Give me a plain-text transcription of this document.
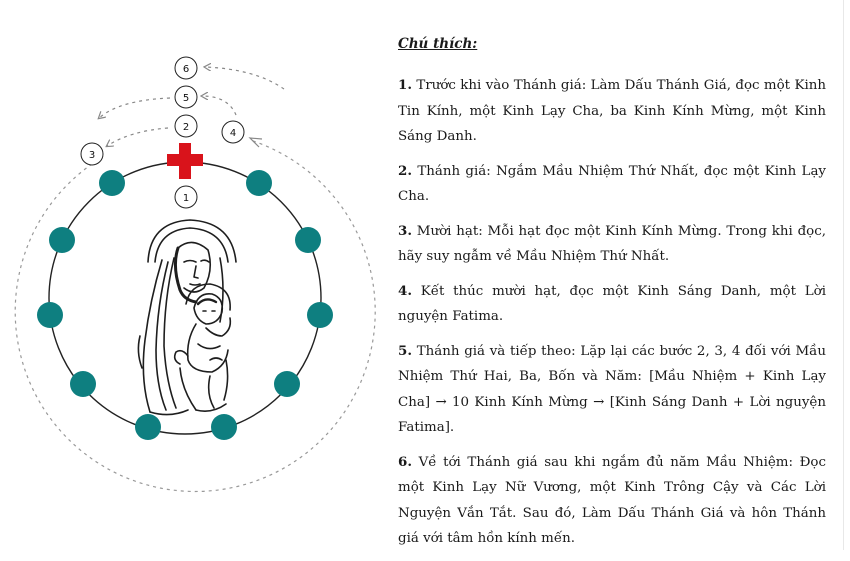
6
5
2
4
3
1

Chú thích:

1. Trước khi vào Thánh giá: Làm Dấu Thánh Giá, đọc một Kinh Tin Kính, một Kinh Lạy Cha, ba Kinh Kính Mừng, một Kinh Sáng Danh.

2. Thánh giá: Ngắm Mầu Nhiệm Thứ Nhất, đọc một Kinh Lạy Cha.

3. Mười hạt: Mỗi hạt đọc một Kinh Kính Mừng. Trong khi đọc, hãy suy ngẫm về Mầu Nhiệm Thứ Nhất.

4. Kết thúc mười hạt, đọc một Kinh Sáng Danh, một Lời nguyện Fatima.

5. Thánh giá và tiếp theo: Lặp lại các bước 2, 3, 4 đối với Mầu Nhiệm Thứ Hai, Ba, Bốn và Năm: [Mầu Nhiệm + Kinh Lạy Cha] → 10 Kinh Kính Mừng → [Kinh Sáng Danh + Lời nguyện Fatima].

6. Về tới Thánh giá sau khi ngắm đủ năm Mầu Nhiệm: Đọc một Kinh Lạy Nữ Vương, một Kinh Trông Cậy và Các Lời Nguyện Vắn Tắt. Sau đó, Làm Dấu Thánh Giá và hôn Thánh giá với tâm hồn kính mến.
